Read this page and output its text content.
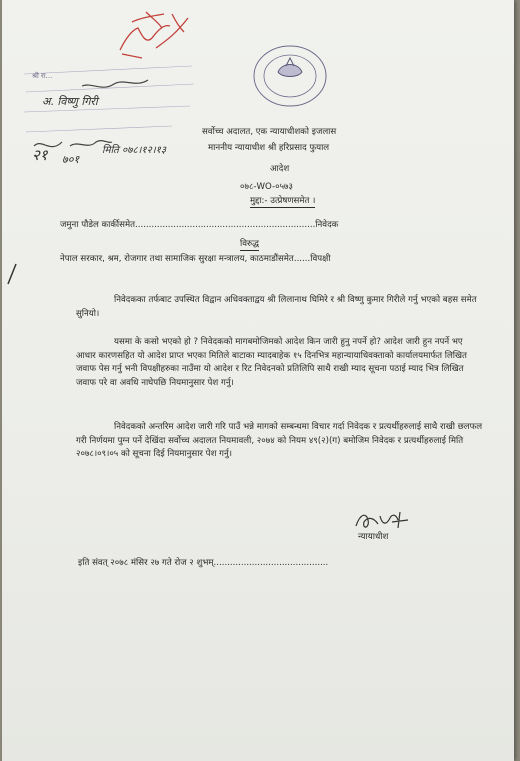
श्री रा...
अ. विष्णु गिरी
२१ ७०१
मिति ०७८।१२।१३
सर्वोच्च अदालत, एक न्यायाधीशको इजलास
माननीय न्यायाधीश श्री हरिप्रसाद फुयाल
आदेश
०७८-WO-०५७३
मुद्दा:- उत्प्रेषणसमेत ।
जमुना पौडेल कार्कीसमेत..................................................................निवेदक
विरुद्ध
नेपाल सरकार, श्रम, रोजगार तथा सामाजिक सुरक्षा मन्त्रालय, काठमाडौंसमेत......विपक्षी
निवेदकका तर्फबाट उपस्थित विद्वान अधिवक्ताद्वय श्री लिलानाथ घिमिरे र श्री विष्णु कुमार गिरीले गर्नु भएको बहस समेत सुनियो।
यसमा के कसो भएको हो ? निवेदकको मागबमोजिमको आदेश किन जारी हुनु नपर्ने हो? आदेश जारी हुन नपर्ने भए आधार कारणसहित यो आदेश प्राप्त भएका मितिले बाटाका म्यादबाहेक १५ दिनभित्र महान्यायाधिवक्ताको कार्यालयमार्फत लिखित जवाफ पेस गर्नु भनी विपक्षीहरुका नाउँमा यो आदेश र रिट निवेदनको प्रतिलिपि साथै राखी म्याद सूचना पठाई म्याद भित्र लिखित जवाफ परे वा अवधि नाघेपछि नियमानुसार पेश गर्नु।
निवेदकको अन्तरिम आदेश जारी गरि पाउँ भन्ने मागको सम्बन्धमा विचार गर्दा निवेदक र प्रत्यर्थीहरुलाई साथै राखी छलफल गरी निर्णयमा पुग्न पर्ने देखिंदा सर्वोच्च अदालत नियमावली, २०७४ को नियम ४९(२)(ग) बमोजिम निवेदक र प्रत्यर्थीहरुलाई मिति २०७८।०९।०५ को सूचना दिई नियमानुसार पेश गर्नु।
न्यायाधीश
इति संवत् २०७८ मंसिर २७ गते रोज २ शुभम्..........................................
